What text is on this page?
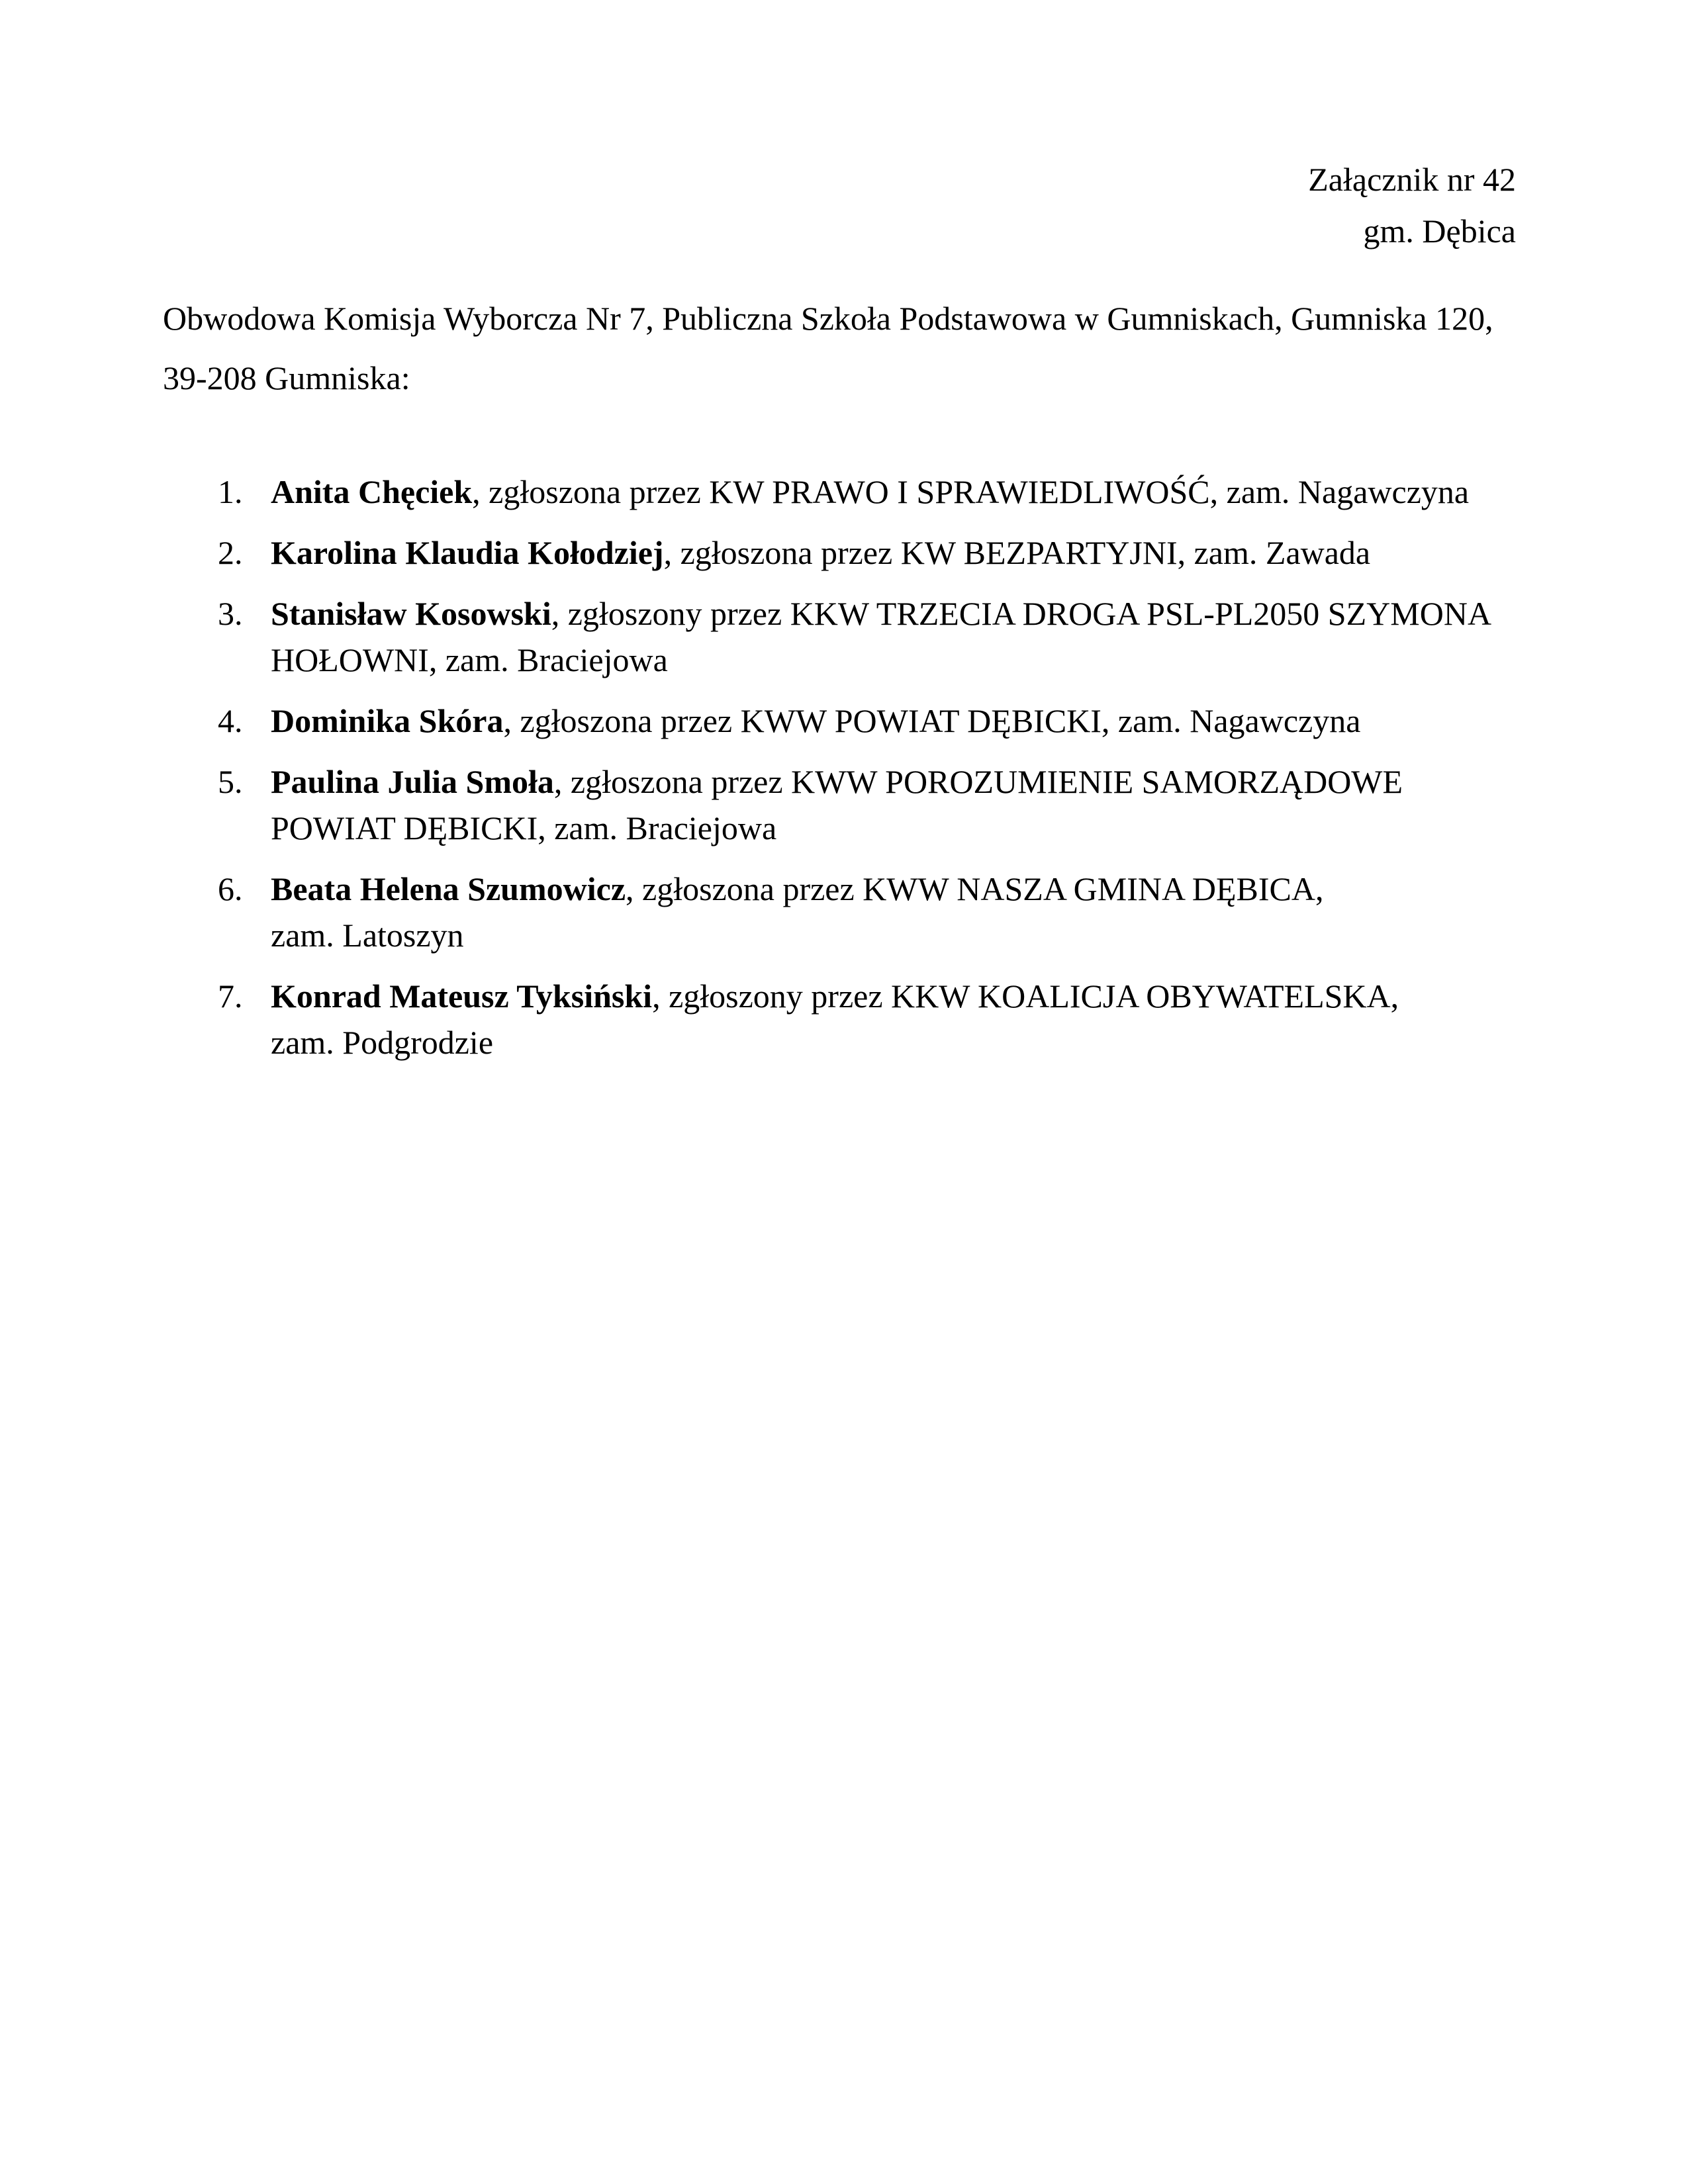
Załącznik nr 42
gm. Dębica

Obwodowa Komisja Wyborcza Nr 7, Publiczna Szkoła Podstawowa w Gumniskach, Gumniska 120, 39-208 Gumniska:

1. Anita Chęciek, zgłoszona przez KW PRAWO I SPRAWIEDLIWOŚĆ, zam. Nagawczyna
2. Karolina Klaudia Kołodziej, zgłoszona przez KW BEZPARTYJNI, zam. Zawada
3. Stanisław Kosowski, zgłoszony przez KKW TRZECIA DROGA PSL-PL2050 SZYMONA HOŁOWNI, zam. Braciejowa
4. Dominika Skóra, zgłoszona przez KWW POWIAT DĘBICKI, zam. Nagawczyna
5. Paulina Julia Smoła, zgłoszona przez KWW POROZUMIENIE SAMORZĄDOWE POWIAT DĘBICKI, zam. Braciejowa
6. Beata Helena Szumowicz, zgłoszona przez KWW NASZA GMINA DĘBICA, zam. Latoszyn
7. Konrad Mateusz Tyksiński, zgłoszony przez KKW KOALICJA OBYWATELSKA, zam. Podgrodzie
